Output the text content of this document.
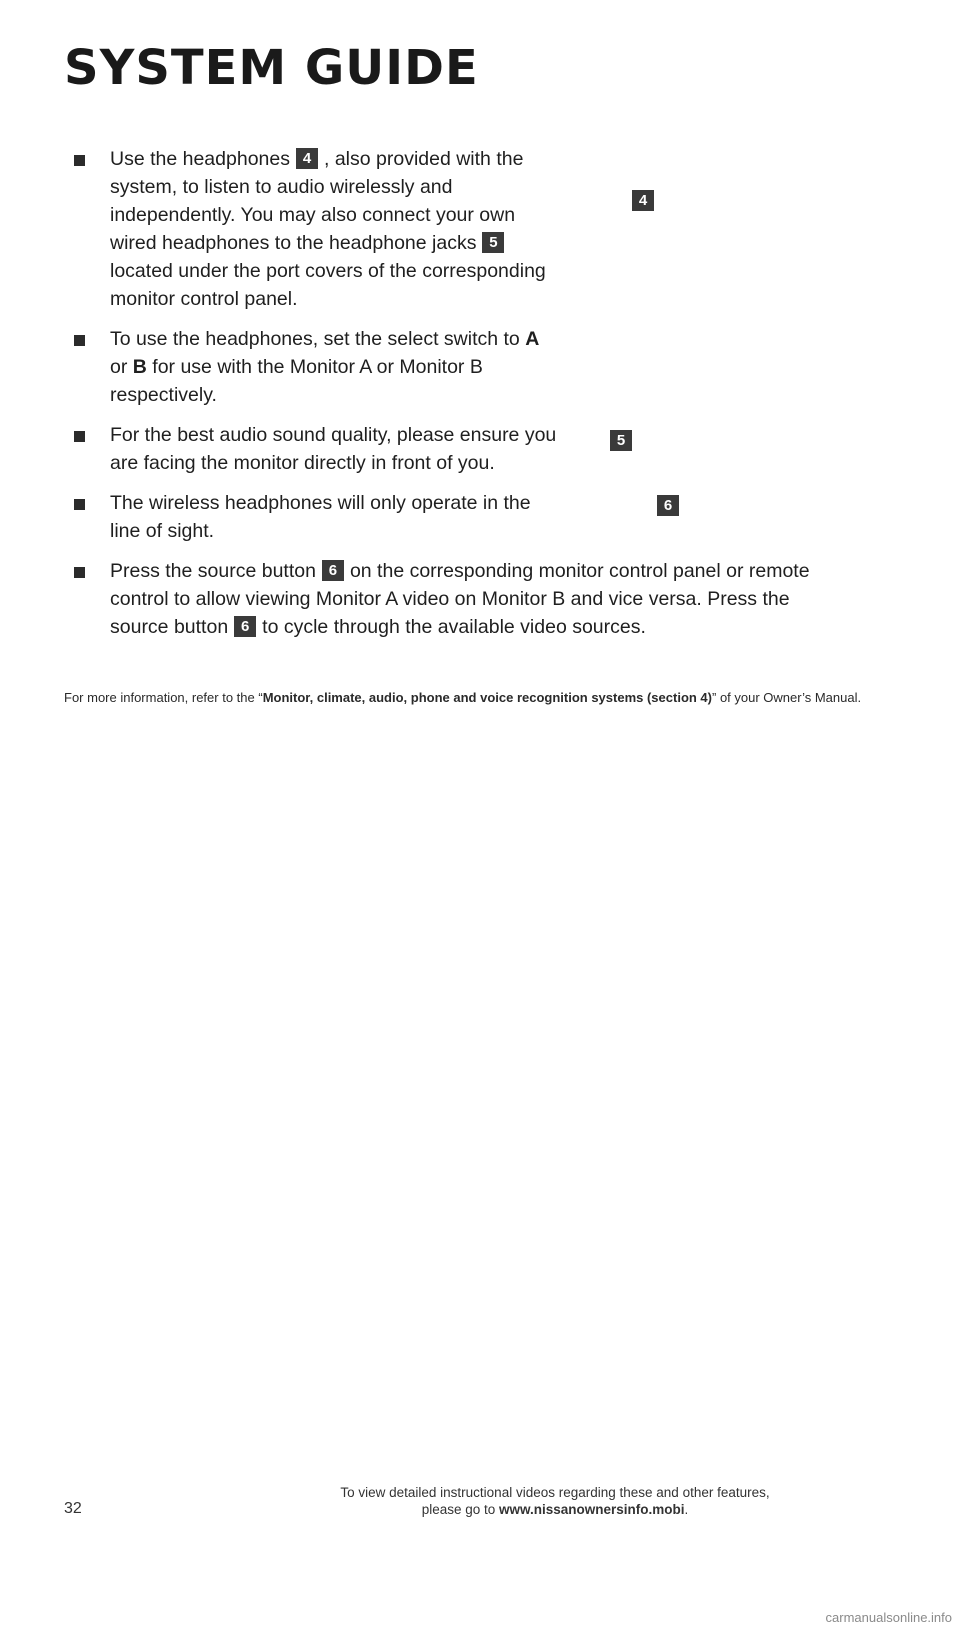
SYSTEM GUIDE
Use the headphones 4 , also provided with the system, to listen to audio wirelessly and independently. You may also connect your own wired headphones to the headphone jacks 5located under the port covers of the corresponding monitor control panel.
To use the headphones, set the select switch to A or B for use with the Monitor A or Monitor B respectively.
For the best audio sound quality, please ensure you are facing the monitor directly in front of you.
The wireless headphones will only operate in the line of sight.
Press the source button 6 on the corresponding monitor control panel or remote control to allow viewing Monitor A video on Monitor B and vice versa. Press the source button 6 to cycle through the available video sources.
4
5
6

For more information, refer to the “Monitor, climate, audio, phone and voice recognition systems (section 4)” of your Owner’s Manual.

32
To view detailed instructional videos regarding these and other features,
please go to www.nissanownersinfo.mobi.
carmanualsonline.info
